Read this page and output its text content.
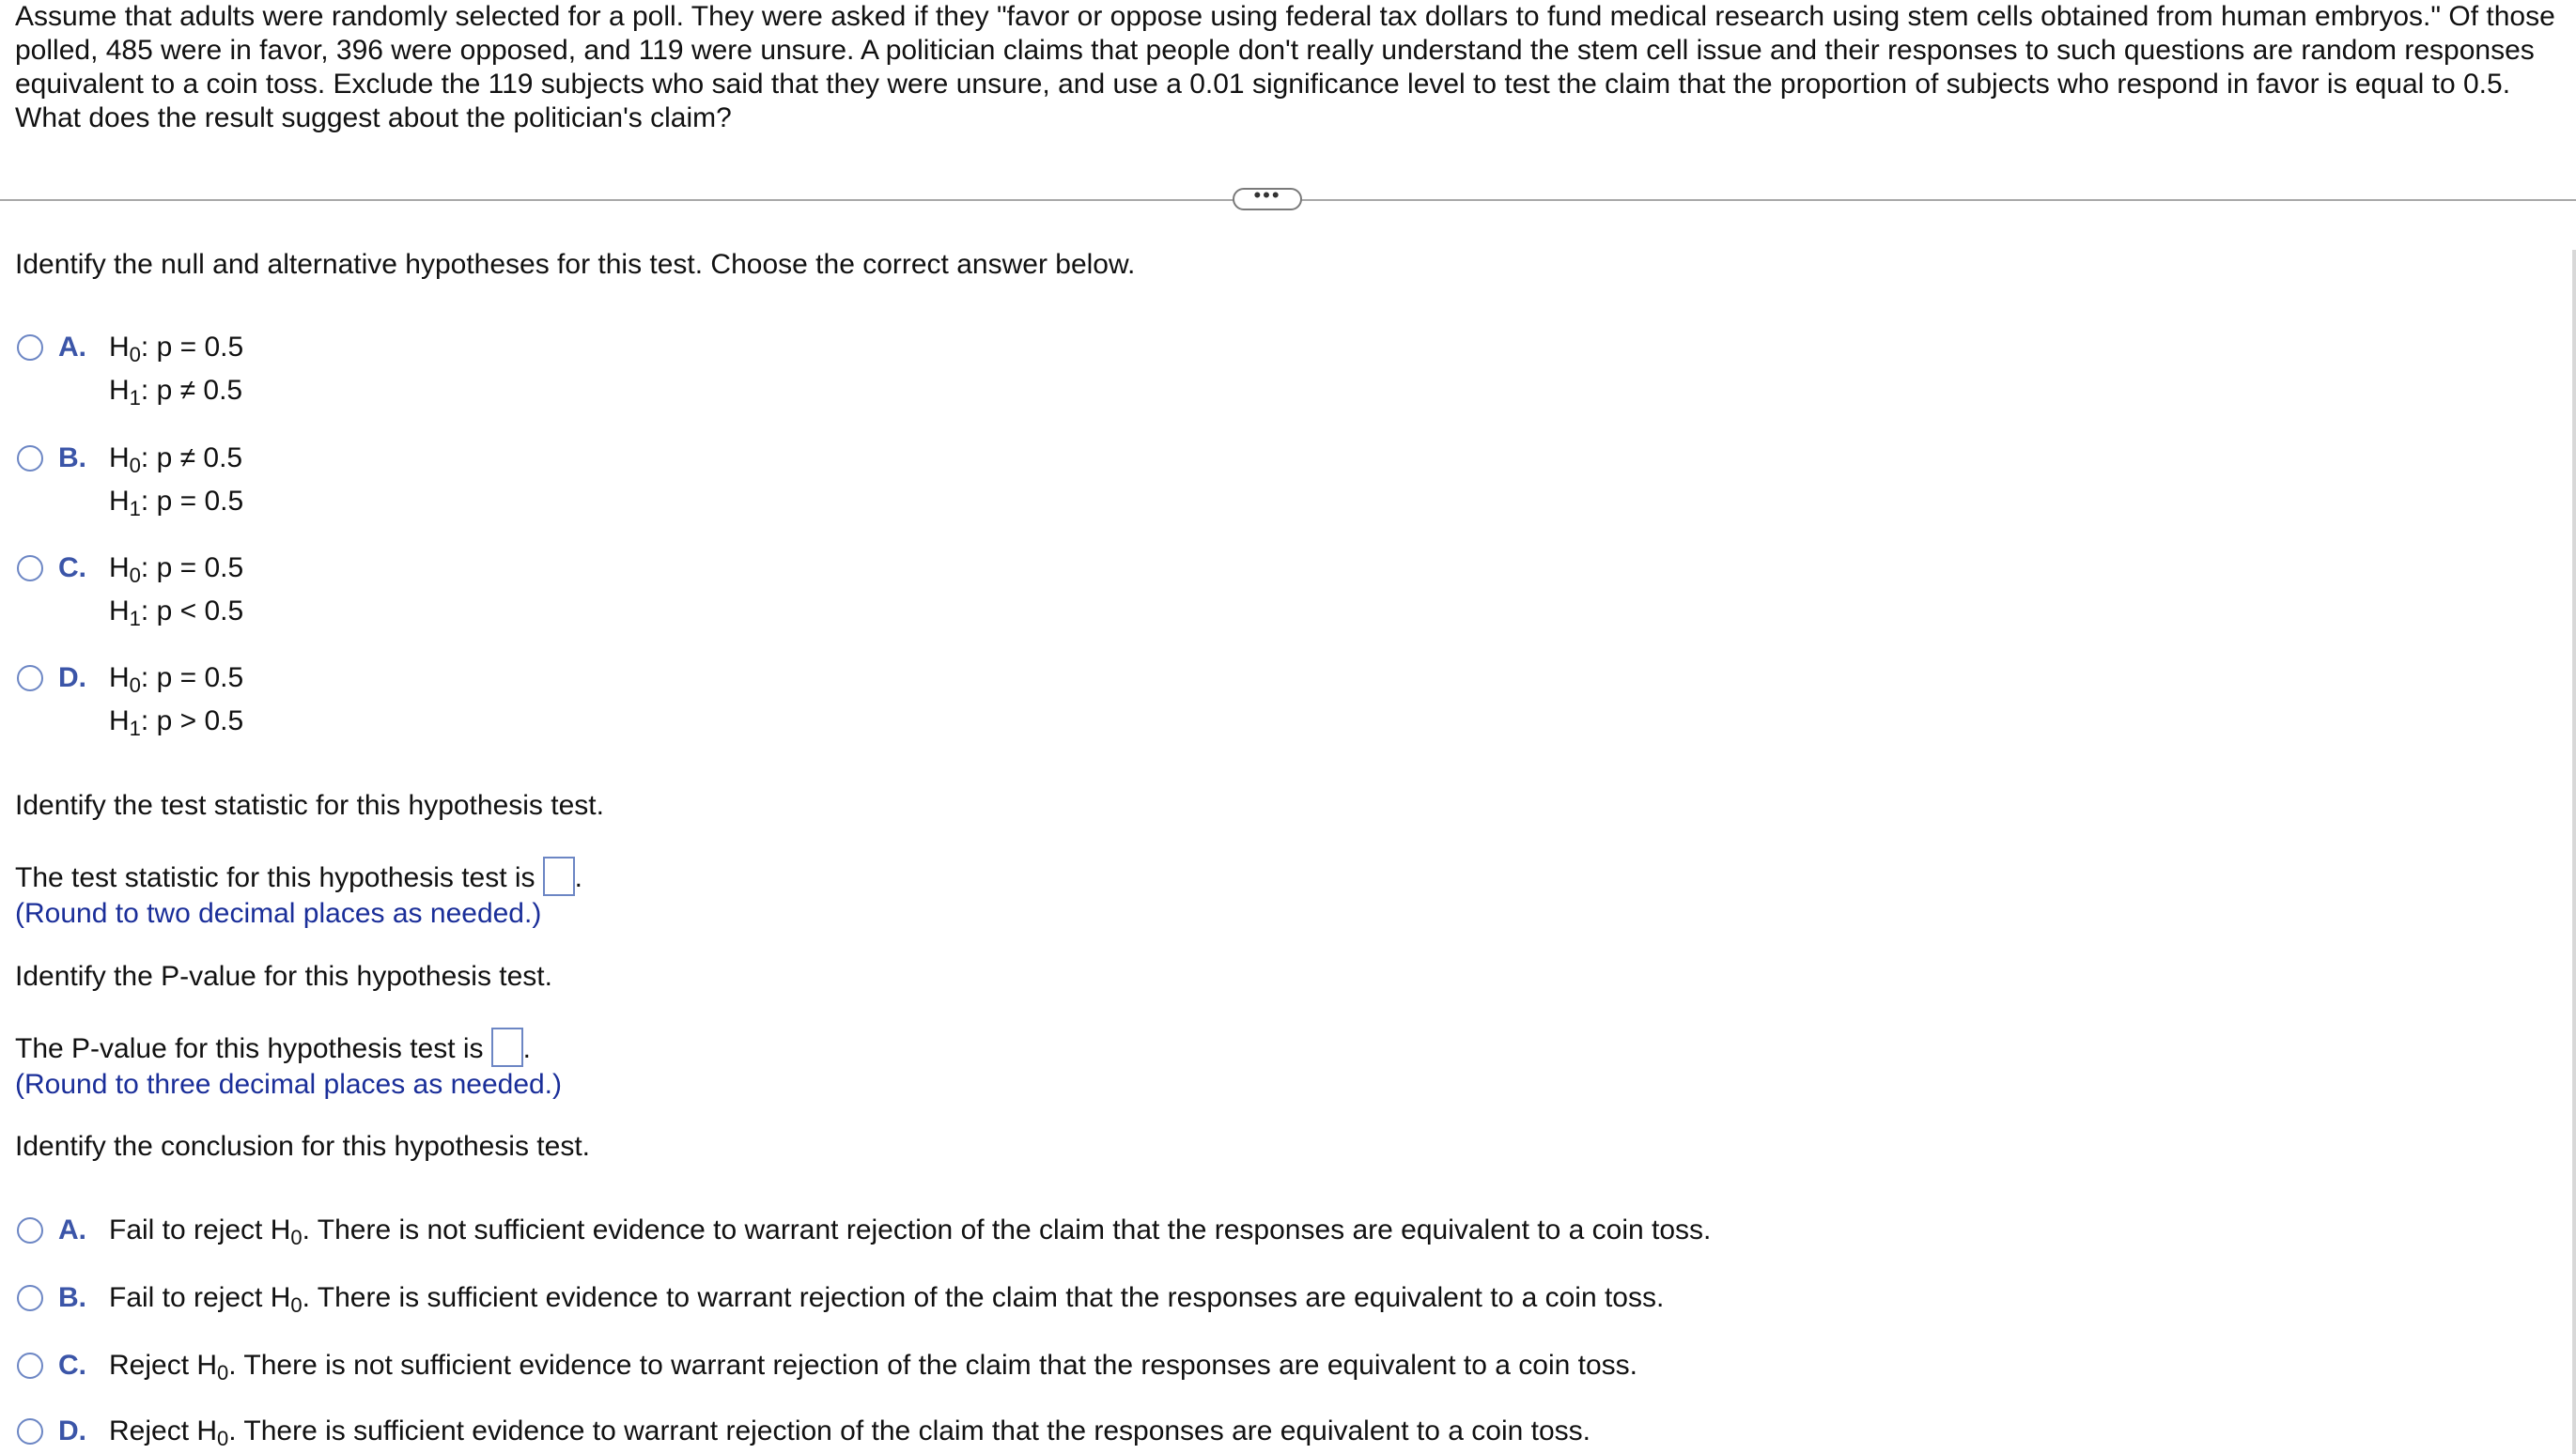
Assume that adults were randomly selected for a poll. They were asked if they "favor or oppose using federal tax dollars to fund medical research using stem cells obtained from human embryos." Of those polled, 485 were in favor, 396 were opposed, and 119 were unsure. A politician claims that people don't really understand the stem cell issue and their responses to such questions are random responses equivalent to a coin toss. Exclude the 119 subjects who said that they were unsure, and use a 0.01 significance level to test the claim that the proportion of subjects who respond in favor is equal to 0.5. What does the result suggest about the politician's claim?
•••
Identify the null and alternative hypotheses for this test. Choose the correct answer below.
A. $H_0$: p = 0.5
$H_1$: p ≠ 0.5
B. $H_0$: p ≠ 0.5
$H_1$: p = 0.5
C. $H_0$: p = 0.5
$H_1$: p < 0.5
D. $H_0$: p = 0.5
$H_1$: p > 0.5
Identify the test statistic for this hypothesis test.
The test statistic for this hypothesis test is .
(Round to two decimal places as needed.)
Identify the P-value for this hypothesis test.
The P-value for this hypothesis test is .
(Round to three decimal places as needed.)
Identify the conclusion for this hypothesis test.
A. Fail to reject $H_0$. There is not sufficient evidence to warrant rejection of the claim that the responses are equivalent to a coin toss.
B. Fail to reject $H_0$. There is sufficient evidence to warrant rejection of the claim that the responses are equivalent to a coin toss.
C. Reject $H_0$. There is not sufficient evidence to warrant rejection of the claim that the responses are equivalent to a coin toss.
D. Reject $H_0$. There is sufficient evidence to warrant rejection of the claim that the responses are equivalent to a coin toss.
